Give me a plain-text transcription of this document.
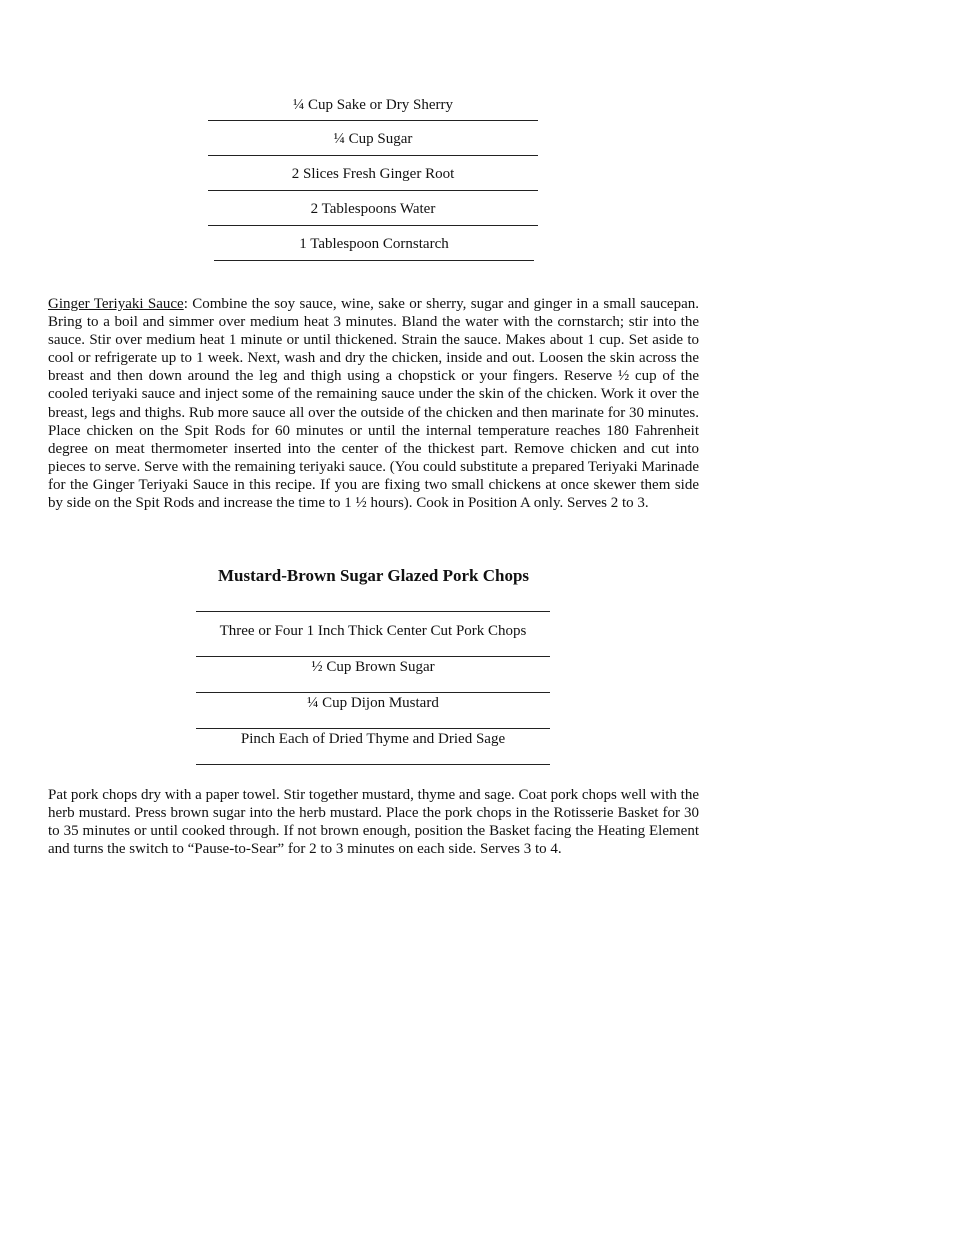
¼ Cup Sake or Dry Sherry
¼ Cup Sugar
2 Slices Fresh Ginger Root
2 Tablespoons Water
1 Tablespoon Cornstarch

Ginger Teriyaki Sauce: Combine the soy sauce, wine, sake or sherry, sugar and ginger in a small saucepan. Bring to a boil and simmer over medium heat 3 minutes. Bland the water with the cornstarch; stir into the sauce. Stir over medium heat 1 minute or until thickened. Strain the sauce. Makes about 1 cup. Set aside to cool or refrigerate up to 1 week. Next, wash and dry the chicken, inside and out. Loosen the skin across the breast and then down around the leg and thigh using a chopstick or your fingers. Reserve ½ cup of the cooled teriyaki sauce and inject some of the remaining sauce under the skin of the chicken. Work it over the breast, legs and thighs. Rub more sauce all over the outside of the chicken and then marinate for 30 minutes. Place chicken on the Spit Rods for 60 minutes or until the internal temperature reaches 180 Fahrenheit degree on meat thermometer inserted into the center of the thickest part. Remove chicken and cut into pieces to serve. Serve with the remaining teriyaki sauce. (You could substitute a prepared Teriyaki Marinade for the Ginger Teriyaki Sauce in this recipe. If you are fixing two small chickens at once skewer them side by side on the Spit Rods and increase the time to 1 ½ hours). Cook in Position A only. Serves 2 to 3.

Mustard-Brown Sugar Glazed Pork Chops
Three or Four 1 Inch Thick Center Cut Pork Chops
½ Cup Brown Sugar
¼ Cup Dijon Mustard
Pinch Each of Dried Thyme and Dried Sage

Pat pork chops dry with a paper towel. Stir together mustard, thyme and sage. Coat pork chops well with the herb mustard. Press brown sugar into the herb mustard. Place the pork chops in the Rotisserie Basket for 30 to 35 minutes or until cooked through. If not brown enough, position the Basket facing the Heating Element and turns the switch to “Pause-to-Sear” for 2 to 3 minutes on each side. Serves 3 to 4.
